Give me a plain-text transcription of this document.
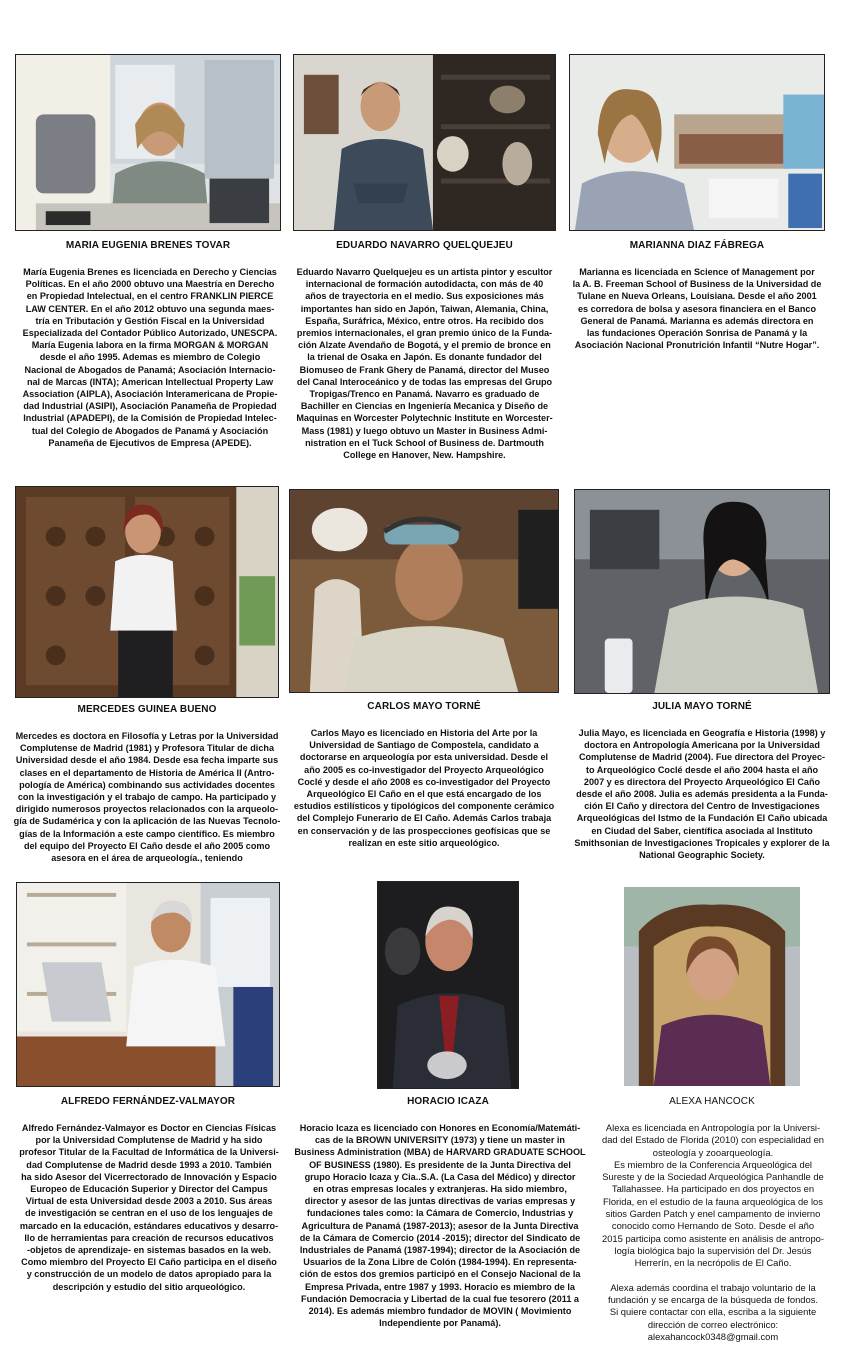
MARIA EUGENIA BRENES TOVAR
María Eugenia Brenes es licenciada en Derecho y Ciencias
Políticas. En el año 2000 obtuvo una Maestría en Derecho
en Propiedad Intelectual, en el centro FRANKLIN PIERCE
LAW CENTER. En el año 2012 obtuvo una segunda maes-
tría en Tributación y Gestión Fiscal en la Universidad
Especializada del Contador Público Autorizado, UNESCPA.
María Eugenia labora en la firma MORGAN & MORGAN
desde el año 1995. Ademas es miembro de Colegio
Nacional de Abogados de Panamá; Asociación Internacio-
nal de Marcas (INTA); American Intellectual Property Law
Association (AIPLA), Asociación Interamericana de Propie-
dad Industrial (ASIPI), Asociación Panameña de Propiedad
Industrial (APADEPI), de la Comisión de Propiedad Intelec-
tual del Colegio de Abogados de Panamá y Asociación
Panameña de Ejecutivos de Empresa (APEDE).
EDUARDO NAVARRO QUELQUEJEU
Eduardo Navarro Quelquejeu es un artista pintor y escultor
internacional de formación autodidacta, con más de 40
años de trayectoria en el medio. Sus exposiciones más
importantes han sido en Japón, Taiwan, Alemania, China,
España, Suráfrica, México, entre otros. Ha recibido dos
premios internacionales, el gran premio único de la Funda-
ción Alzate Avendaño de Bogotá, y el premio de bronce en
la trienal de Osaka en Japón. Es donante fundador del
Biomuseo de Frank Ghery de Panamá, director del Museo
del Canal Interoceánico y de todas las empresas del Grupo
Tropigas/Trenco en Panamá. Navarro es graduado de
Bachiller en Ciencias en Ingeniería Mecanica y Diseño de
Maquinas en Worcester Polytechnic Institute en Worcester-
Mass (1981) y luego obtuvo un Master in Business Admi-
nistration en el Tuck School of Business de. Dartmouth
College en Hanover, New. Hampshire.
MARIANNA DIAZ FÁBREGA
Marianna es licenciada en Science of Management por
la A. B. Freeman School of Business de la Universidad de
Tulane en Nueva Orleans, Louisiana. Desde el año 2001
es corredora de bolsa y asesora financiera en el Banco
General de Panamá. Marianna es además directora en
las fundaciones Operación Sonrisa de Panamá y la
Asociación Nacional Pronutrición Infantil “Nutre Hogar”.
MERCEDES GUINEA BUENO
Mercedes es doctora en Filosofía y Letras por la Universidad
Complutense de Madrid (1981) y Profesora Titular de dicha
Universidad desde el año 1984. Desde esa fecha imparte sus
clases en el departamento de Historia de América II (Antro-
pología de América) combinando sus actividades docentes
con la investigación y el trabajo de campo. Ha participado y
dirigido numerosos proyectos relacionados con la arqueolo-
gía de Sudamérica y con la aplicación de las Nuevas Tecnolo-
gías de la Información a este campo científico. Es miembro
del equipo del Proyecto El Caño desde el año 2005 como
asesora en el área de arqueología., teniendo
CARLOS MAYO TORNÉ
Carlos Mayo es licenciado en Historia del Arte por la
Universidad de Santiago de Compostela, candidato a
doctorarse en arqueología por esta universidad. Desde el
año 2005 es co-investigador del Proyecto Arqueológico
Coclé y desde el año 2008 es co-investigador del Proyecto
Arqueológico El Caño en el que está encargado de los
estudios estilísticos y tipológicos del componente cerámico
del Complejo Funerario de El Caño. Además Carlos trabaja
en conservación y de las prospecciones geofísicas que se
realizan en este sitio arqueológico.
JULIA MAYO TORNÉ
Julia Mayo, es licenciada en Geografía e Historia (1998) y
doctora en Antropología Americana por la Universidad
Complutense de Madrid (2004). Fue directora del Proyec-
to Arqueológico Coclé desde el año 2004 hasta el año
2007 y es directora del Proyecto Arqueológico El Caño
desde el año 2008. Julia es además presidenta a la Funda-
ción El Caño y directora del Centro de Investigaciones
Arqueológicas del Istmo de la Fundación El Caño ubicada
en Ciudad del Saber, científica asociada al Instituto
Smithsonian de Investigaciones Tropicales y explorer de la
National Geographic Society.
ALFREDO FERNÁNDEZ-VALMAYOR
Alfredo Fernández-Valmayor es Doctor en Ciencias Físicas
por la Universidad Complutense de Madrid y ha sido
profesor Titular de la Facultad de Informática de la Universi-
dad Complutense de Madrid desde 1993 a 2010. También
ha sido Asesor del Vicerrectorado de Innovación y Espacio
Europeo de Educación Superior y Director del Campus
Virtual de esta Universidad desde 2003 a 2010. Sus áreas
de investigación se centran en el uso de los lenguajes de
marcado en la educación, estándares educativos y desarro-
llo de herramientas para creación de recursos educativos
-objetos de aprendizaje- en sistemas basados en la web.
Como miembro del Proyecto El Caño participa en el diseño
y construcción de un modelo de datos apropiado para la
descripción y estudio del sitio arqueológico.
HORACIO ICAZA
Horacio Icaza es licenciado con Honores en Economía/Matemáti-
cas de la BROWN UNIVERSITY (1973) y tiene un master in
Business Administration (MBA) de HARVARD GRADUATE SCHOOL
OF BUSINESS (1980). Es presidente de la Junta Directiva del
grupo Horacio Icaza y Cia..S.A. (La Casa del Médico) y director
en otras empresas locales y extranjeras. Ha sido miembro,
director y asesor de las juntas directivas de varias empresas y
fundaciones tales como: la Cámara de Comercio, Industrias y
Agricultura de Panamá (1987-2013); asesor de la Junta Directiva
de la Cámara de Comercio (2014 -2015); director del Sindicato de
Industriales de Panamá (1987-1994); director de la Asociación de
Usuarios de la Zona Libre de Colón (1984-1994). En representa-
ción de estos dos gremios participó en el Consejo Nacional de la
Empresa Privada, entre 1987 y 1993. Horacio es miembro de la
Fundación Democracia y Libertad de la cual fue tesorero (2011 a
2014). Es además miembro fundador de MOVIN ( Movimiento
Independiente por Panamá).
ALEXA HANCOCK
Alexa es licenciada en Antropología por la Universi-
dad del Estado de Florida (2010) con especialidad en
osteología y zooarqueología.
Es miembro de la Conferencia Arqueológica del
Sureste y de la Sociedad Arqueológica Panhandle de
Tallahassee. Ha participado en dos proyectos en
Florida, en el estudio de la fauna arqueológica de los
sitios Garden Patch y enel campamento de invierno
conocido como Hernando de Soto. Desde el año
2015 participa como asistente en análisis de antropo-
logía biológica bajo la supervisión del Dr. Jesús
Herrerín, en la necrópolis de El Caño.

Alexa además coordina el trabajo voluntario de la
fundación y se encarga de la búsqueda de fondos.
Si quiere contactar con ella, escriba a la siguiente
dirección de correo electrónico:
alexahancock0348@gmail.com
